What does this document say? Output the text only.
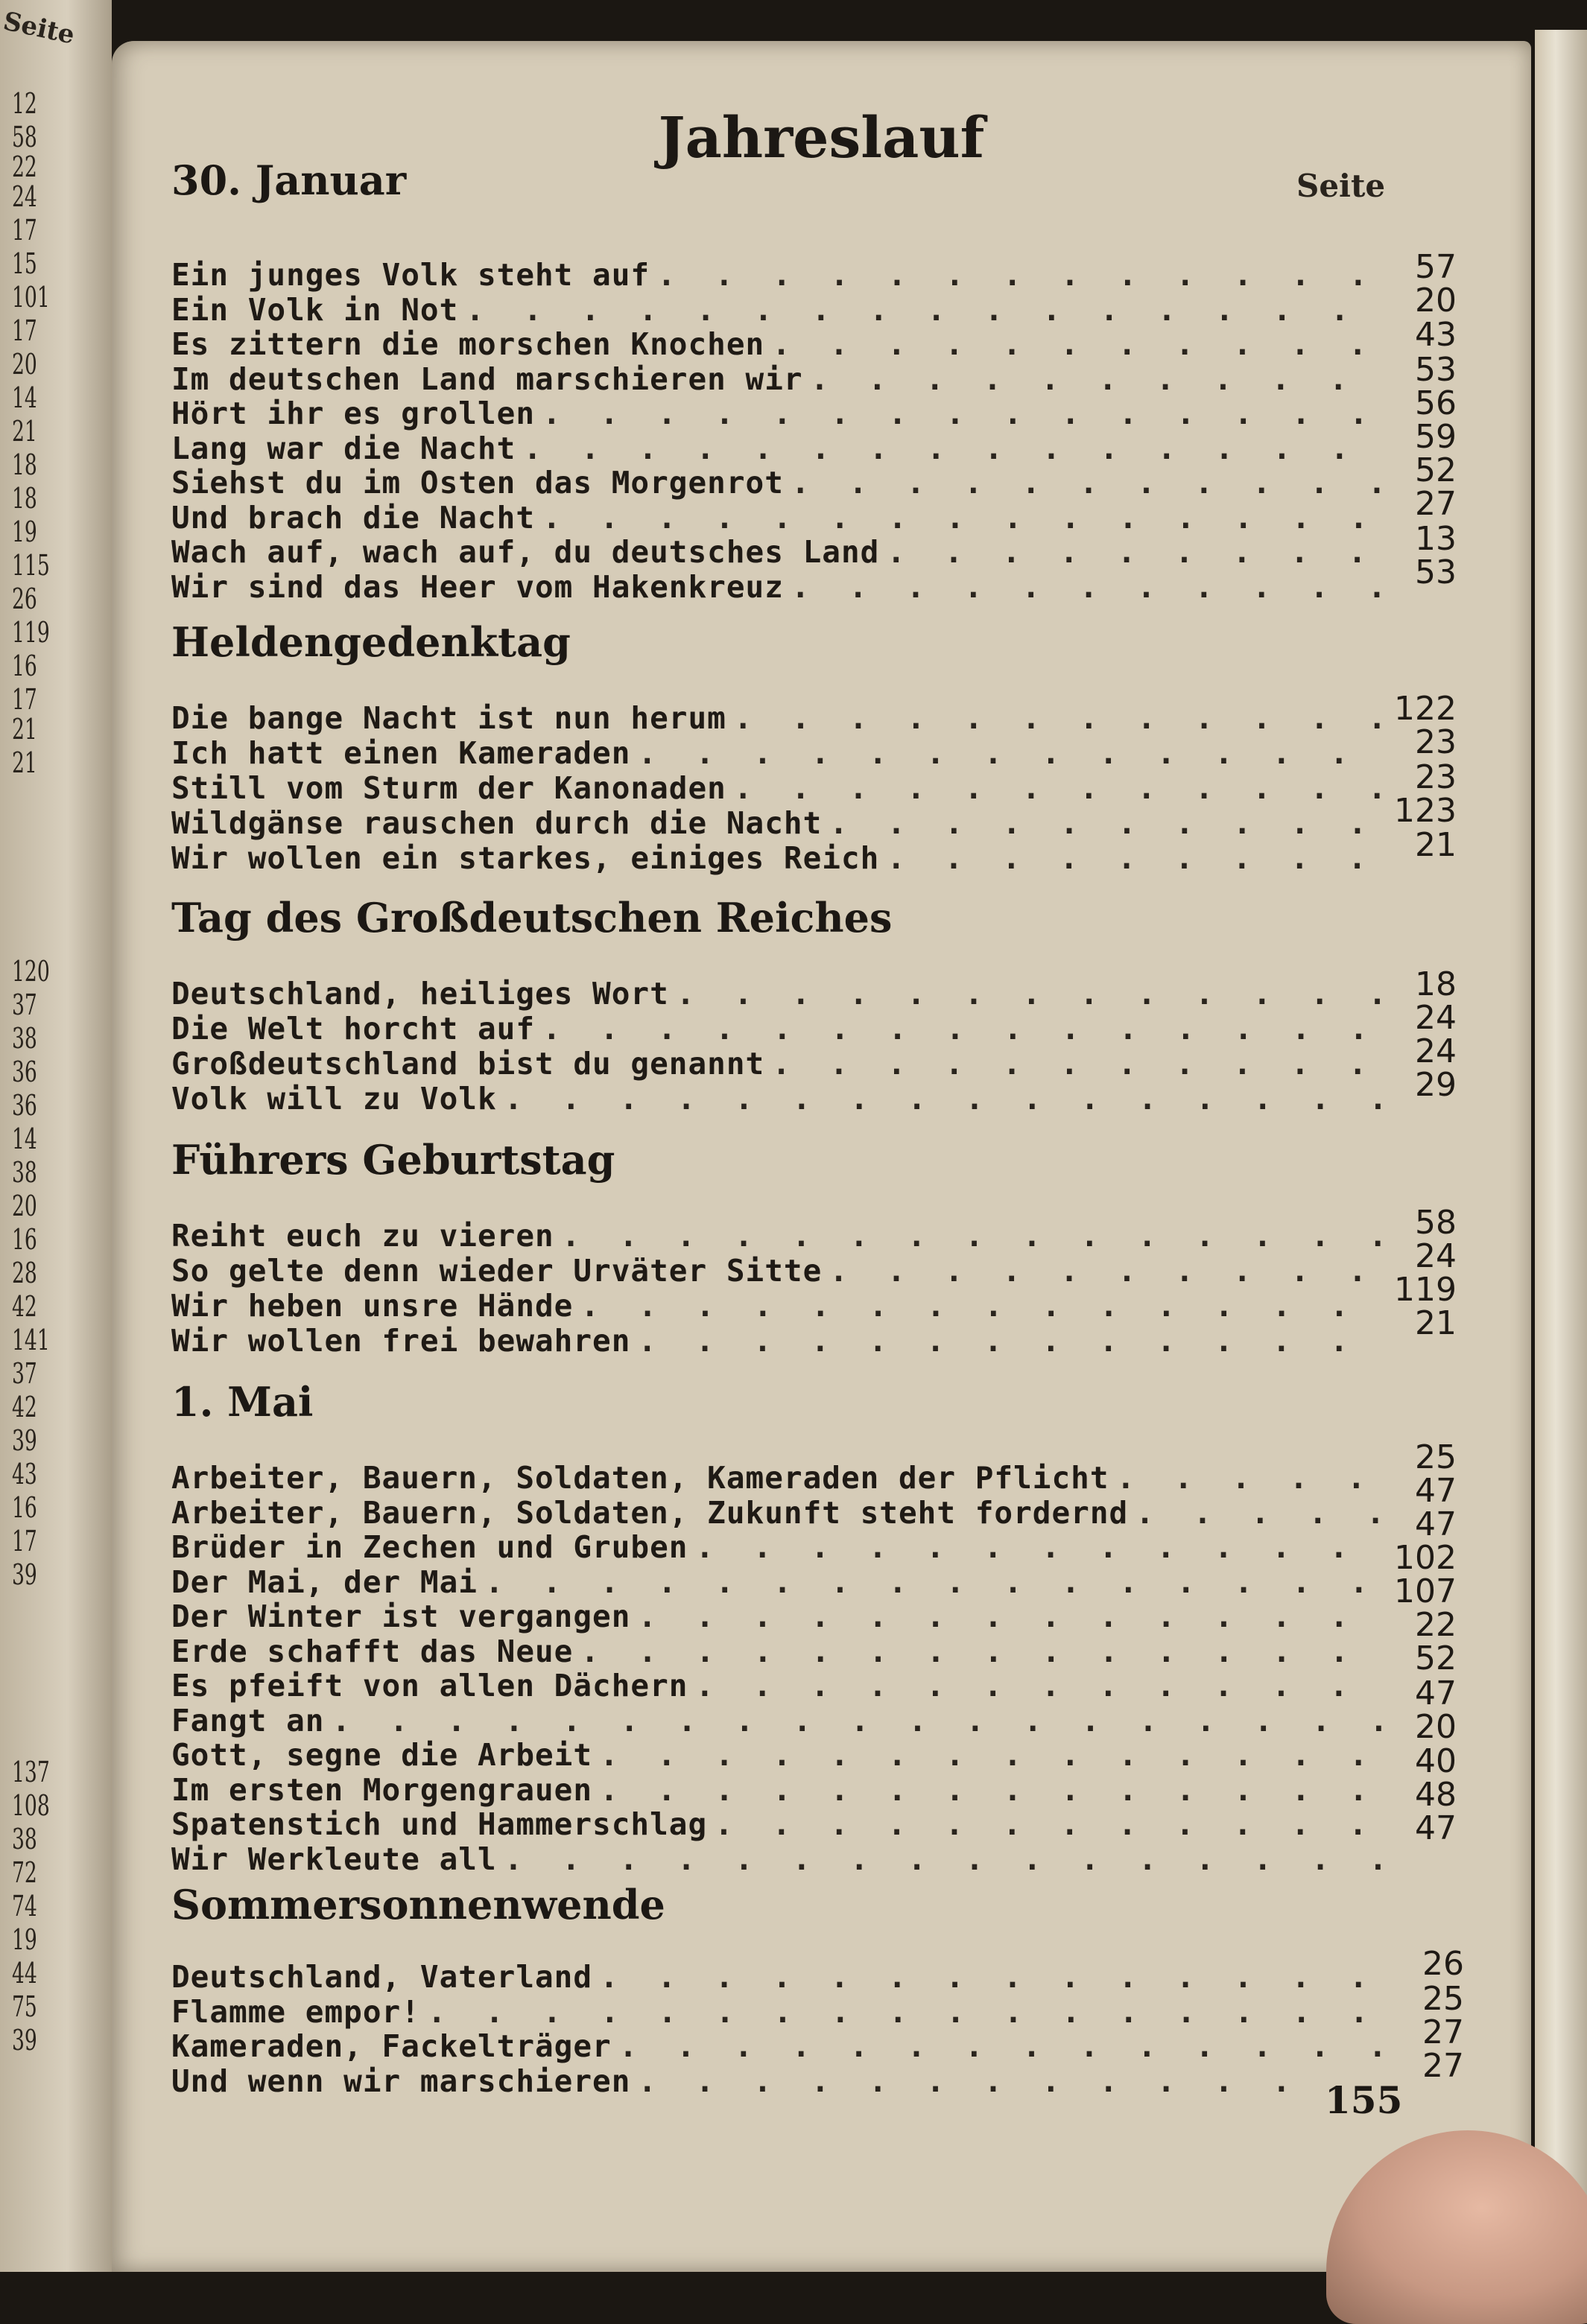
Seite
12
58
22
24
17
15
101
17
20
14
21
18
18
19
115
26
119
16
17
21
21
120
37
38
36
36
14
38
20
16
28
42
141
37
42
39
43
16
17
39
137
108
38
72
74
19
44
75
39
Jahreslauf
Seite
30. Januar
Ein junges Volk steht auf
. . .
Ein Volk in Not
. . .
Es zittern die morschen Knochen
. . .
Im deutschen Land marschieren wir
. . .
Hört ihr es grollen
. . .
Lang war die Nacht
. . .
Siehst du im Osten das Morgenrot
. . .
Und brach die Nacht
. . .
Wach auf, wach auf, du deutsches Land
. . .
Wir sind das Heer vom Hakenkreuz
. . .
Heldengedenktag
Die bange Nacht ist nun herum
. . .
Ich hatt einen Kameraden
. . .
Still vom Sturm der Kanonaden
. . .
Wildgänse rauschen durch die Nacht
. . .
Wir wollen ein starkes, einiges Reich
. . .
Tag des Großdeutschen Reiches
Deutschland, heiliges Wort
. . .
Die Welt horcht auf
. . .
Großdeutschland bist du genannt
. . .
Volk will zu Volk
. . .
Führers Geburtstag
Reiht euch zu vieren
. . .
So gelte denn wieder Urväter Sitte
. . .
Wir heben unsre Hände
. . .
Wir wollen frei bewahren
. . .
1. Mai
Arbeiter, Bauern, Soldaten, Kameraden der Pflicht
. . .
Arbeiter, Bauern, Soldaten, Zukunft steht fordernd
. . .
Brüder in Zechen und Gruben
. . .
Der Mai, der Mai
. . .
Der Winter ist vergangen
. . .
Erde schafft das Neue
. . .
Es pfeift von allen Dächern
. . .
Fangt an
. . .
Gott, segne die Arbeit
. . .
Im ersten Morgengrauen
. . .
Spatenstich und Hammerschlag
. . .
Wir Werkleute all
. . .
Sommersonnenwende
Deutschland, Vaterland
. . .
Flamme empor!
. . .
Kameraden, Fackelträger
. . .
Und wenn wir marschieren
. . .
57
20
43
53
56
59
52
27
13
53
122
23
23
123
21
18
24
24
29
58
24
119
21
25
47
47
102
107
22
52
47
20
40
48
47
26
25
27
27
155
